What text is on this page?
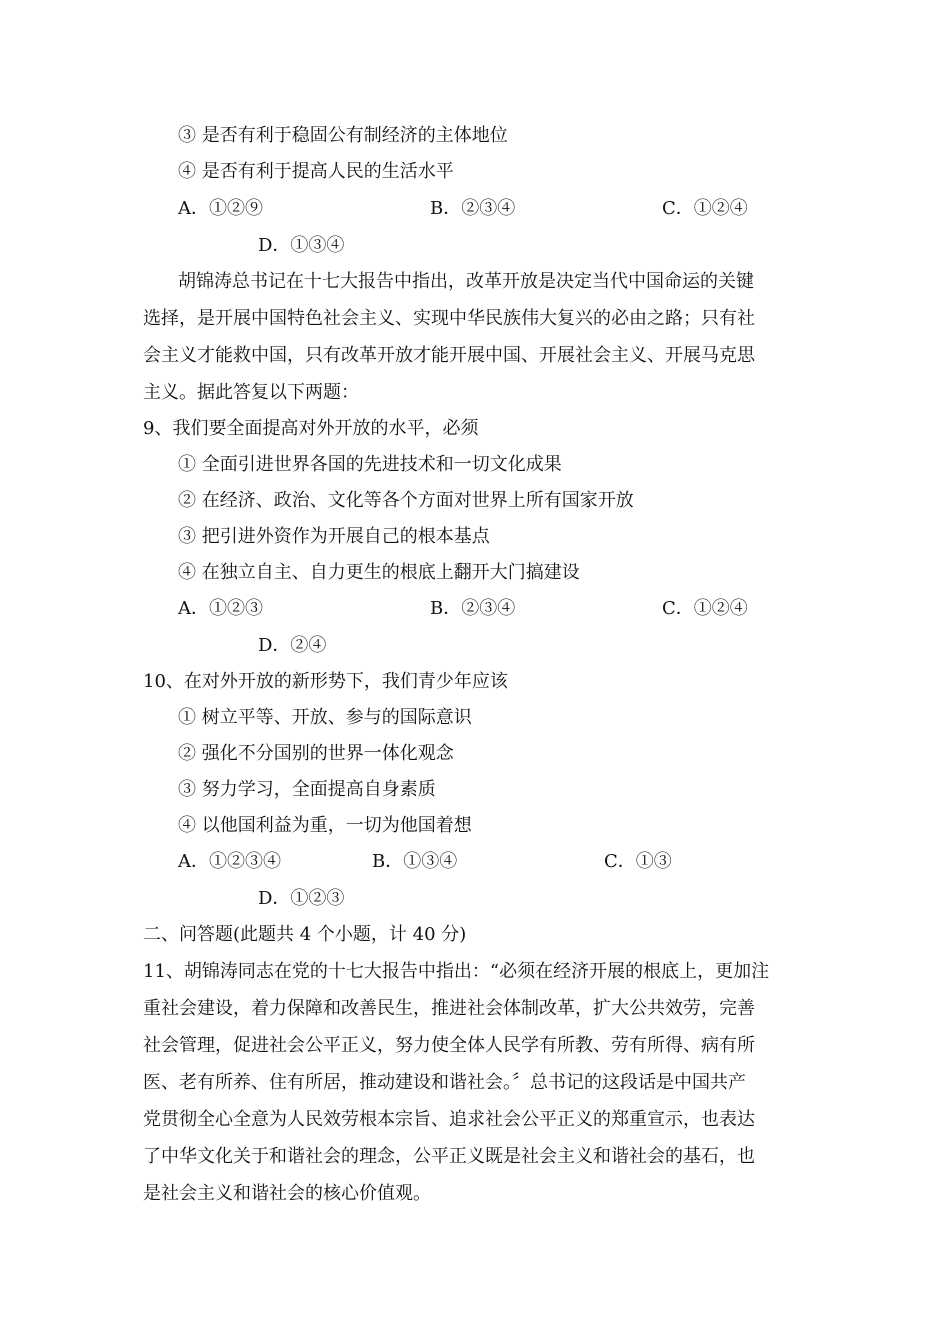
③ 是否有利于稳固公有制经济的主体地位
④ 是否有利于提高人民的生活水平
A．①②⑨	B．②③④	C．①②④
D．①③④
胡锦涛总书记在十七大报告中指出，改革开放是决定当代中国命运的关键
选择，是开展中国特色社会主义、实现中华民族伟大复兴的必由之路；只有社
会主义才能救中国，只有改革开放才能开展中国、开展社会主义、开展马克思
主义。据此答复以下两题：
9、我们要全面提高对外开放的水平，必须
① 全面引进世界各国的先进技术和一切文化成果
② 在经济、政治、文化等各个方面对世界上所有国家开放
③ 把引进外资作为开展自己的根本基点
④ 在独立自主、自力更生的根底上翻开大门搞建设
A．①②③	B．②③④	C．①②④
D．②④
10、在对外开放的新形势下，我们青少年应该
① 树立平等、开放、参与的国际意识
② 强化不分国别的世界一体化观念
③ 努力学习，全面提高自身素质
④ 以他国利益为重，一切为他国着想
A．①②③④	B．①③④	C．①③
D．①②③
二、问答题(此题共 4 个小题，计 40 分)
11、胡锦涛同志在党的十七大报告中指出：“必须在经济开展的根底上，更加注
重社会建设，着力保障和改善民生，推进社会体制改革，扩大公共效劳，完善
社会管理，促进社会公平正义，努力使全体人民学有所教、劳有所得、病有所
医、老有所养、住有所居，推动建设和谐社会。〞总书记的这段话是中国共产
党贯彻全心全意为人民效劳根本宗旨、追求社会公平正义的郑重宣示，也表达
了中华文化关于和谐社会的理念，公平正义既是社会主义和谐社会的基石，也
是社会主义和谐社会的核心价值观。
